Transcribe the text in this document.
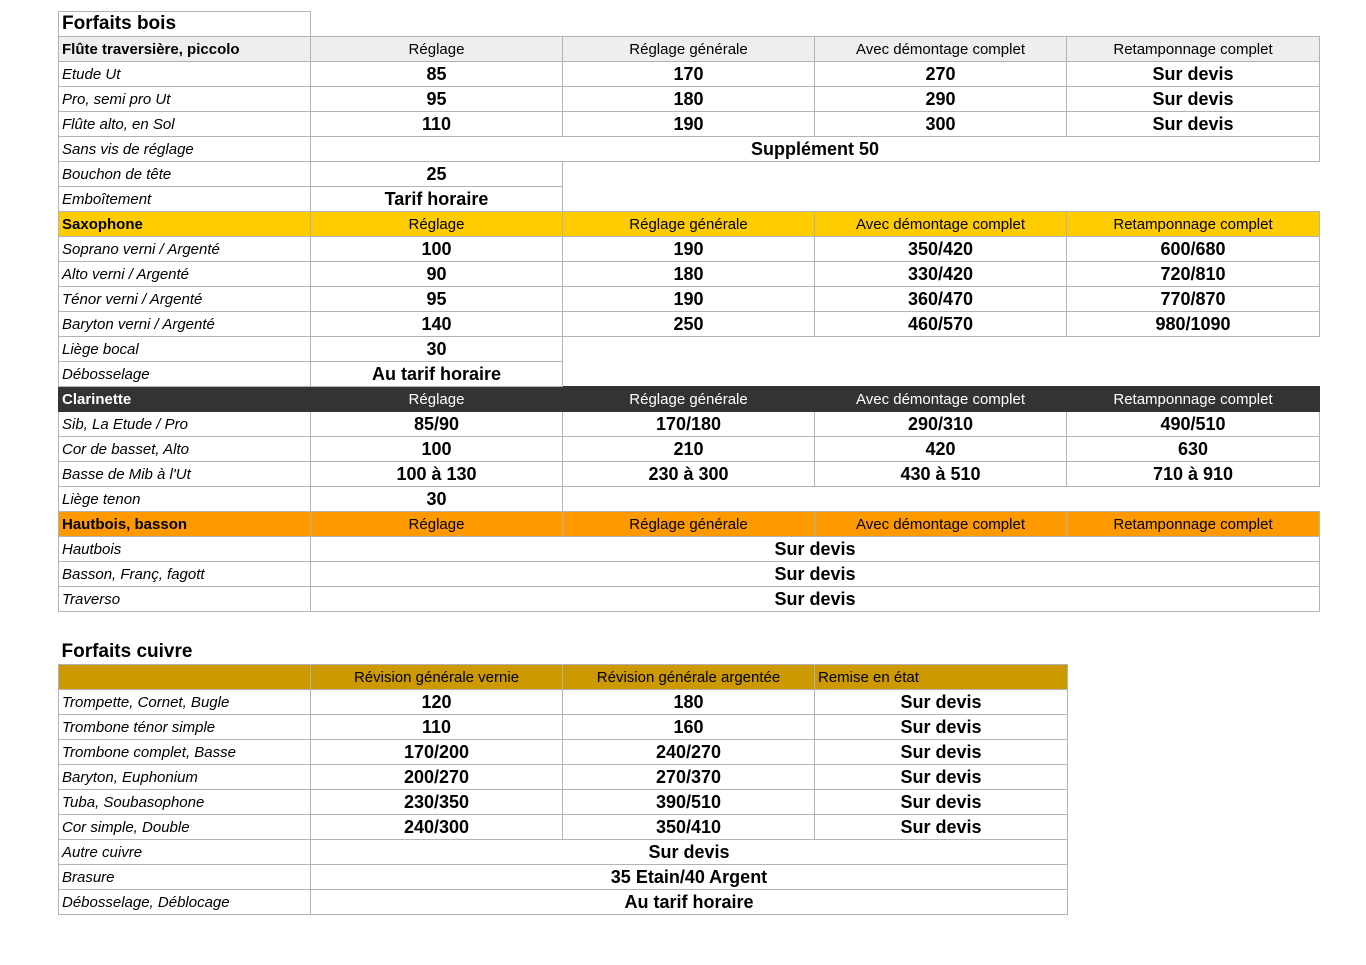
Forfaits bois				
Flûte traversière, piccolo	Réglage	Réglage générale	Avec démontage complet	Retamponnage complet
Etude Ut	85	170	270	Sur devis
Pro, semi pro Ut	95	180	290	Sur devis
Flûte alto, en Sol	110	190	300	Sur devis
Sans vis de réglage	Supplément 50			
Bouchon de tête	25			
Emboîtement	Tarif horaire			
Saxophone	Réglage	Réglage générale	Avec démontage complet	Retamponnage complet
Soprano verni / Argenté	100	190	350/420	600/680
Alto verni / Argenté	90	180	330/420	720/810
Ténor verni / Argenté	95	190	360/470	770/870
Baryton verni / Argenté	140	250	460/570	980/1090
Liège bocal	30			
Débosselage	Au tarif horaire			
Clarinette	Réglage	Réglage générale	Avec démontage complet	Retamponnage complet
Sib, La Etude / Pro	85/90	170/180	290/310	490/510
Cor de basset, Alto	100	210	420	630
Basse de Mib à l'Ut	100 à 130	230 à 300	430 à 510	710 à 910
Liège tenon	30			
Hautbois, basson	Réglage	Réglage générale	Avec démontage complet	Retamponnage complet
Hautbois	Sur devis			
Basson, Franç, fagott	Sur devis			
Traverso	Sur devis			
Forfaits cuivre			
	Révision générale vernie	Révision générale argentée	Remise en état
Trompette, Cornet, Bugle	120	180	Sur devis
Trombone ténor simple	110	160	Sur devis
Trombone complet, Basse	170/200	240/270	Sur devis
Baryton, Euphonium	200/270	270/370	Sur devis
Tuba, Soubasophone	230/350	390/510	Sur devis
Cor simple, Double	240/300	350/410	Sur devis
Autre cuivre	Sur devis		
Brasure	35 Etain/40 Argent		
Débosselage, Déblocage	Au tarif horaire		
